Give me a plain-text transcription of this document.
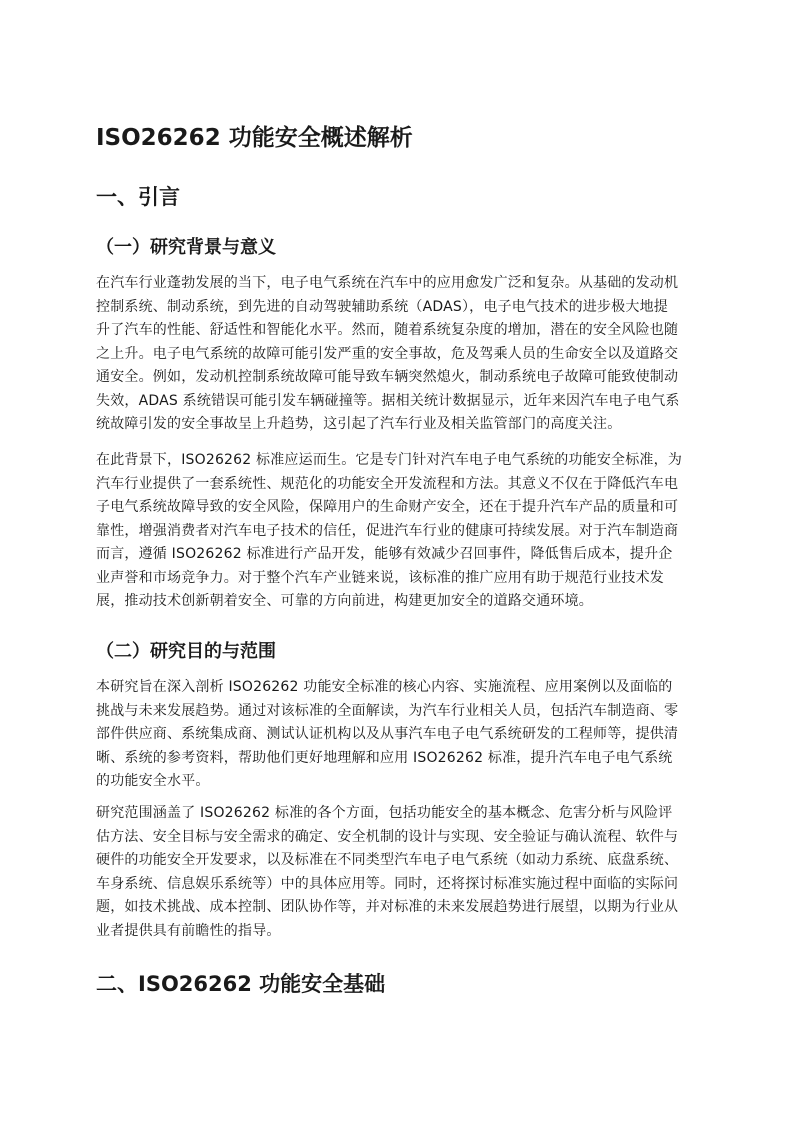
ISO26262 功能安全概述解析
一、引言
（一）研究背景与意义
在汽车行业蓬勃发展的当下，电子电气系统在汽车中的应用愈发广泛和复杂。从基础的发动机
控制系统、制动系统，到先进的自动驾驶辅助系统（ADAS），电子电气技术的进步极大地提
升了汽车的性能、舒适性和智能化水平。然而，随着系统复杂度的增加，潜在的安全风险也随
之上升。电子电气系统的故障可能引发严重的安全事故，危及驾乘人员的生命安全以及道路交
通安全。例如，发动机控制系统故障可能导致车辆突然熄火，制动系统电子故障可能致使制动
失效，ADAS 系统错误可能引发车辆碰撞等。据相关统计数据显示，近年来因汽车电子电气系
统故障引发的安全事故呈上升趋势，这引起了汽车行业及相关监管部门的高度关注。
在此背景下，ISO26262 标准应运而生。它是专门针对汽车电子电气系统的功能安全标准，为
汽车行业提供了一套系统性、规范化的功能安全开发流程和方法。其意义不仅在于降低汽车电
子电气系统故障导致的安全风险，保障用户的生命财产安全，还在于提升汽车产品的质量和可
靠性，增强消费者对汽车电子技术的信任，促进汽车行业的健康可持续发展。对于汽车制造商
而言，遵循 ISO26262 标准进行产品开发，能够有效减少召回事件，降低售后成本，提升企
业声誉和市场竞争力。对于整个汽车产业链来说，该标准的推广应用有助于规范行业技术发
展，推动技术创新朝着安全、可靠的方向前进，构建更加安全的道路交通环境。
（二）研究目的与范围
本研究旨在深入剖析 ISO26262 功能安全标准的核心内容、实施流程、应用案例以及面临的
挑战与未来发展趋势。通过对该标准的全面解读，为汽车行业相关人员，包括汽车制造商、零
部件供应商、系统集成商、测试认证机构以及从事汽车电子电气系统研发的工程师等，提供清
晰、系统的参考资料，帮助他们更好地理解和应用 ISO26262 标准，提升汽车电子电气系统
的功能安全水平。
研究范围涵盖了 ISO26262 标准的各个方面，包括功能安全的基本概念、危害分析与风险评
估方法、安全目标与安全需求的确定、安全机制的设计与实现、安全验证与确认流程、软件与
硬件的功能安全开发要求，以及标准在不同类型汽车电子电气系统（如动力系统、底盘系统、
车身系统、信息娱乐系统等）中的具体应用等。同时，还将探讨标准实施过程中面临的实际问
题，如技术挑战、成本控制、团队协作等，并对标准的未来发展趋势进行展望，以期为行业从
业者提供具有前瞻性的指导。
二、ISO26262 功能安全基础
